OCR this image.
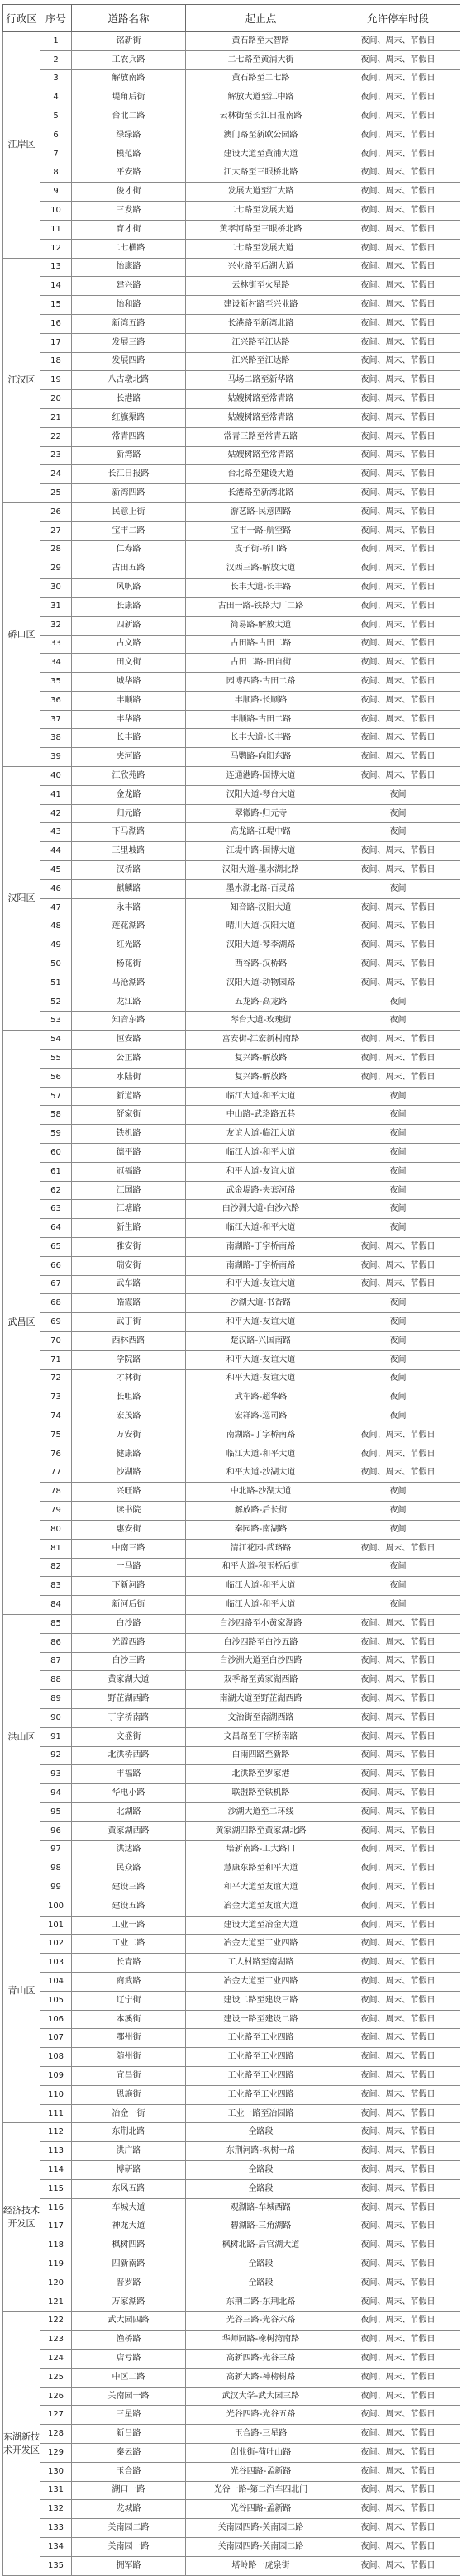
行政区	序号	道路名称	起止点	允许停车时段
江岸区	1	铭新街	黄石路至大智路	夜间、周末、节假日
	2	工农兵路	二七路至黄浦大街	夜间、周末、节假日
	3	解放南路	黄石路至二七路	夜间、周末、节假日
	4	堤角后街	解放大道至江中路	夜间、周末、节假日
	5	台北二路	云林街至长江日报南路	夜间、周末、节假日
	6	绿绿路	澳门路至新欧公园路	夜间、周末、节假日
	7	模范路	建设大道至黄浦大道	夜间、周末、节假日
	8	平安路	江大路至三眼桥北路	夜间、周末、节假日
	9	俊才街	发展大道至江大路	夜间、周末、节假日
	10	三发路	二七路至发展大道	夜间、周末、节假日
	11	育才街	黄孝河路至三眼桥北路	夜间、周末、节假日
	12	二七横路	二七路至发展大道	夜间、周末、节假日
江汉区	13	怡康路	兴业路至后湖大道	夜间、周末、节假日
	14	建兴路	云林街至火星路	夜间、周末、节假日
	15	怡和路	建设新村路至兴业路	夜间、周末、节假日
	16	新湾五路	长港路至新湾北路	夜间、周末、节假日
	17	发展三路	江兴路至江达路	夜间、周末、节假日
	18	发展四路	江兴路至江达路	夜间、周末、节假日
	19	八古墩北路	马场二路至新华路	夜间、周末、节假日
	20	长港路	姑嫂树路至常青路	夜间、周末、节假日
	21	红旗渠路	姑嫂树路至常青路	夜间、周末、节假日
	22	常青四路	常青三路至常青五路	夜间、周末、节假日
	23	新湾路	姑嫂树路至常青路	夜间、周末、节假日
	24	长江日报路	台北路至建设大道	夜间、周末、节假日
	25	新湾四路	长港路至新湾北路	夜间、周末、节假日
硚口区	26	民意上街	游艺路-民意四路	夜间、周末、节假日
	27	宝丰二路	宝丰一路-航空路	夜间、周末、节假日
	28	仁寿路	皮子街-桥口路	夜间、周末、节假日
	29	古田五路	汉西三路-解放大道	夜间、周末、节假日
	30	风帆路	长丰大道-长丰路	夜间、周末、节假日
	31	长康路	古田一路-铁路大厂二路	夜间、周末、节假日
	32	四新路	简易路-解放大道	夜间、周末、节假日
	33	古文路	古田路-古田二路	夜间、周末、节假日
	34	田文街	古田二路-田自街	夜间、周末、节假日
	35	城华路	园博西路-古田二路	夜间、周末、节假日
	36	丰顺路	丰顺路-长顺路	夜间、周末、节假日
	37	丰华路	丰顺路-古田二路	夜间、周末、节假日
	38	长丰路	长丰大道-长丰路	夜间、周末、节假日
	39	夹河路	马鹦路-向阳东路	夜间、周末、节假日
汉阳区	40	江欣苑路	连通港路-国博大道	夜间、周末、节假日
	41	金龙路	汉阳大道-琴台大道	夜间
	42	归元路	翠微路-归元寺	夜间
	43	下马湖路	高龙路-江堤中路	夜间
	44	三里坡路	江堤中路-国博大道	夜间、周末、节假日
	45	汉桥路	汉阳大道-墨水湖北路	夜间、周末、节假日
	46	麒麟路	墨水湖北路-百灵路	夜间
	47	永丰路	知音路-汉阳大道	夜间、周末、节假日
	48	莲花湖路	晴川大道-汉阳大道	夜间、周末、节假日
	49	红光路	汉阳大道-琴李湖路	夜间、周末、节假日
	50	杨花街	西谷路-汉桥路	夜间、周末、节假日
	51	马沧湖路	汉阳大道-动物园路	夜间、周末、节假日
	52	龙江路	五龙路-高龙路	夜间
	53	知音东路	琴台大道-玫瑰街	夜间
武昌区	54	恒安路	富安街-江宏新村南路	夜间、周末、节假日
	55	公正路	复兴路-解放路	夜间、周末、节假日
	56	水陆街	复兴路-解放路	夜间、周末、节假日
	57	新道路	临江大道-和平大道	夜间
	58	舒家街	中山路-武珞路五巷	夜间
	59	铁机路	友谊大道-临江大道	夜间
	60	德平路	临江大道-和平大道	夜间
	61	冠福路	和平大道-友谊大道	夜间
	62	江国路	武金堤路-夹套河路	夜间
	63	江塘路	白沙洲大道-白沙六路	夜间
	64	新生路	临江大道-和平大道	夜间
	65	雅安街	南湖路-丁字桥南路	夜间、周末、节假日
	66	瑞安街	南湖路-丁字桥南路	夜间、周末、节假日
	67	武车路	和平大道-友谊大道	夜间、周末、节假日
	68	皓霞路	沙湖大道-书香路	夜间
	69	武丁街	和平大道-友谊大道	夜间
	70	西林西路	楚汉路-兴国南路	夜间
	71	学院路	和平大道-友谊大道	夜间
	72	才林街	和平大道-友谊大道	夜间
	73	长咀路	武车路-超华路	夜间
	74	宏茂路	宏祥路-巡司路	夜间
	75	万安街	南湖路-丁字桥南路	夜间、周末、节假日
	76	健康路	临江大道-和平大道	夜间、周末、节假日
	77	沙湖路	和平大道-沙湖大道	夜间、周末、节假日
	78	兴旺路	中北路-沙湖大道	夜间
	79	读书院	解放路-后长街	夜间
	80	惠安街	秦园路-南湖路	夜间
	81	中南三路	清江花园-武珞路	夜间、周末、节假日
	82	一马路	和平大道-积玉桥后街	夜间
	83	下新河路	临江大道-和平大道	夜间
	84	新河后街	临江大道-和平大道	夜间
洪山区	85	白沙路	白沙四路至小黄家湖路	夜间、周末、节假日
	86	光霞西路	白沙四路至白沙五路	夜间、周末、节假日
	87	白沙三路	白沙洲大道至白沙四路	夜间、周末、节假日
	88	黄家湖大道	双季路至黄家湖西路	夜间、周末、节假日
	89	野芷湖西路	南湖大道至野芷湖西路	夜间、周末、节假日
	90	丁字桥南路	文治街至南湖西路	夜间、周末、节假日
	91	文盛街	文昌路至丁字桥南路	夜间、周末、节假日
	92	北洪桥西路	白雨四路至新路	夜间、周末、节假日
	93	丰福路	北洪路至罗家港	夜间、周末、节假日
	94	华电小路	联盟路至铁机路	夜间、周末、节假日
	95	北湖路	沙湖大道至二环线	夜间、周末、节假日
	96	黄家湖西路	黄家湖四路至黄家湖北路	夜间、周末、节假日
	97	洪达路	培新南路-工大路口	夜间、周末、节假日
青山区	98	民众路	慧康东路至和平大道	夜间、周末、节假日
	99	建设三路	和平大道至友谊大道	夜间、周末、节假日
	100	建设五路	冶金大道至友谊大道	夜间、周末、节假日
	101	工业一路	建设大道至冶金大道	夜间、周末、节假日
	102	工业二路	冶金大道至工业四路	夜间、周末、节假日
	103	长青路	工人村路至南湖路	夜间、周末、节假日
	104	商武路	冶金大道至工业四路	夜间、周末、节假日
	105	辽宁街	建设二路至建设三路	夜间、周末、节假日
	106	本溪街	建设一路至建设二路	夜间、周末、节假日
	107	鄂州街	工业路至工业四路	夜间、周末、节假日
	108	随州街	工业路至工业四路	夜间、周末、节假日
	109	宜昌街	工业路至工业四路	夜间、周末、节假日
	110	恩施街	工业路至工业四路	夜间、周末、节假日
	111	冶金一街	工业一路至冶园路	夜间、周末、节假日
经济技术开发区	112	东荆北路	全路段	夜间、周末、节假日
	113	洪广路	东荆河路-枫树一路	夜间、周末、节假日
	114	博研路	全路段	夜间、周末、节假日
	115	东风五路	全路段	夜间、周末、节假日
	116	车城大道	观湖路-车城西路	夜间、周末、节假日
	117	神龙大道	碧湖路-三角湖路	夜间、周末、节假日
	118	枫树四路	枫树北路-后官湖大道	夜间、周末、节假日
	119	四新南路	全路段	夜间、周末、节假日
	120	普罗路	全路段	夜间、周末、节假日
	121	万家湖路	东荆二路-东荆北路	夜间、周末、节假日
东湖新技术开发区	122	武大园四路	光谷三路-光谷六路	夜间、周末、节假日
	123	渔桥路	华师园路-橡树湾南路	夜间、周末、节假日
	124	店亏路	高新四路-光谷三路	夜间、周末、节假日
	125	中区二路	高新大路-神榜树路	夜间、周末、节假日
	126	关南园一路	武汉大学-武大园三路	夜间、周末、节假日
	127	三星路	光谷四路-光谷五路	夜间、周末、节假日
	128	新吕路	玉合路-三星路	夜间、周末、节假日
	129	秦云路	创业街-荷叶山路	夜间、周末、节假日
	130	玉合路	光谷四路-孟新路	夜间、周末、节假日
	131	湖口一路	光谷一路-第二汽车四北门	夜间、周末、节假日
	132	龙城路	光谷四路-孟新路	夜间、周末、节假日
	133	关南园二路	关南园四路-关南园二路	夜间、周末、节假日
	134	关南园一路	关南园四路-关南园二路	夜间、周末、节假日
	135	拥军路	塔岭路一虎泉街	夜间、周末、节假日
